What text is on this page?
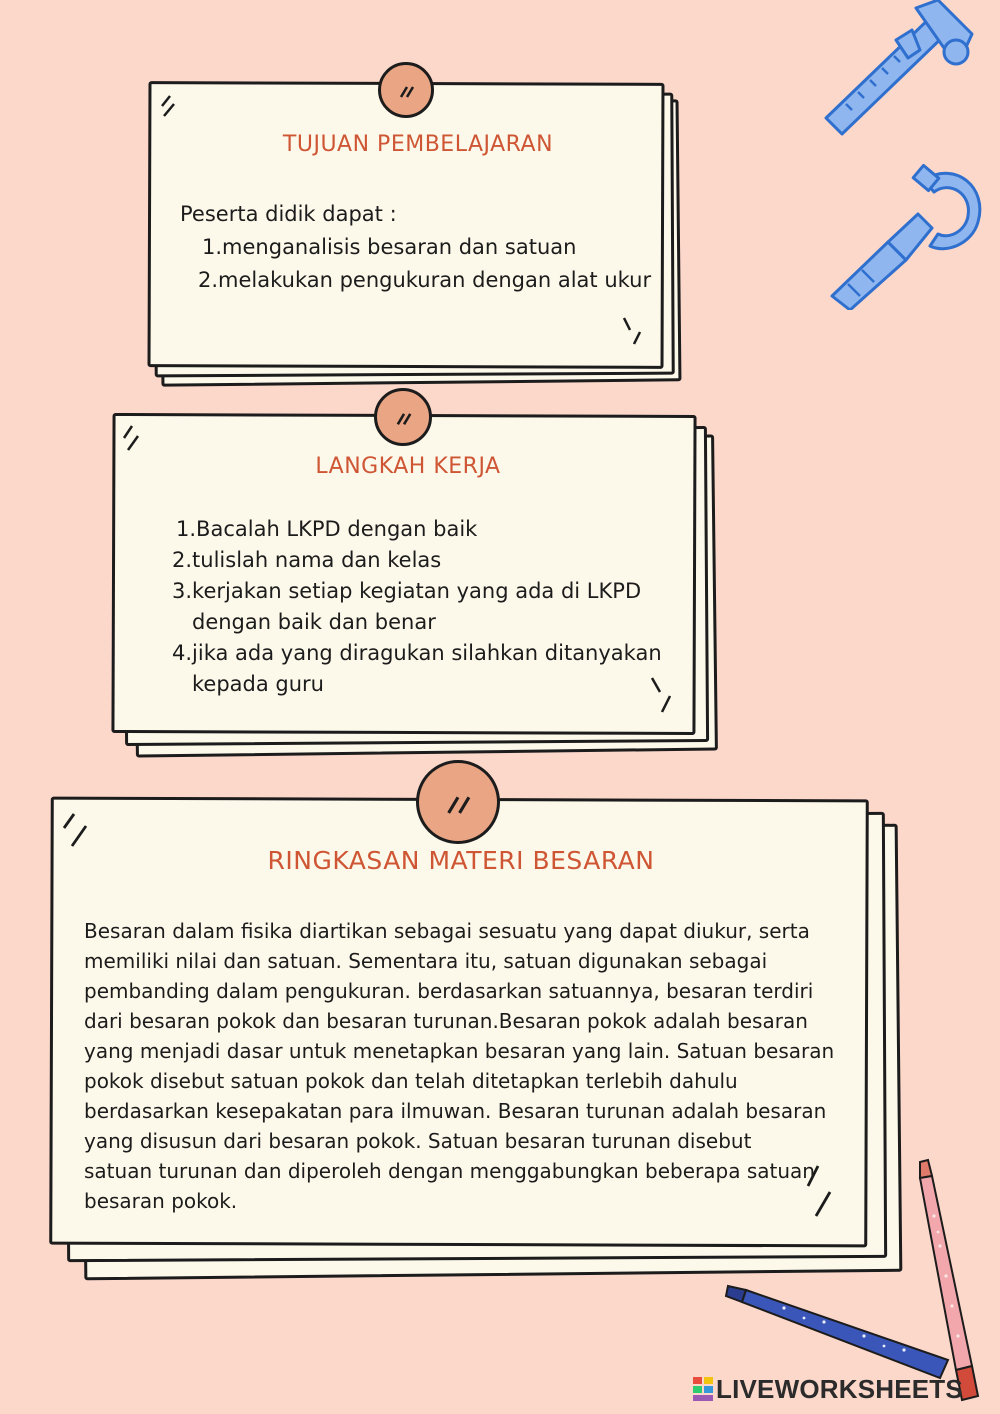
TUJUAN PEMBELAJARAN
Peserta didik dapat :
1.menganalisis besaran dan satuan
2.melakukan pengukuran dengan alat ukur
LANGKAH KERJA
1.Bacalah LKPD dengan baik
2.tulislah nama dan kelas
3.kerjakan setiap kegiatan yang ada di LKPD
dengan baik dan benar
4.jika ada yang diragukan silahkan ditanyakan
kepada guru
RINGKASAN MATERI BESARAN
Besaran dalam fisika diartikan sebagai sesuatu yang dapat diukur, serta
memiliki nilai dan satuan. Sementara itu, satuan digunakan sebagai
pembanding dalam pengukuran. berdasarkan satuannya, besaran terdiri
dari besaran pokok dan besaran turunan.Besaran pokok adalah besaran
yang menjadi dasar untuk menetapkan besaran yang lain. Satuan besaran
pokok disebut satuan pokok dan telah ditetapkan terlebih dahulu
berdasarkan kesepakatan para ilmuwan. Besaran turunan adalah besaran
yang disusun dari besaran pokok. Satuan besaran turunan disebut
satuan turunan dan diperoleh dengan menggabungkan beberapa satuan
besaran pokok.
LIVEWORKSHEETS
